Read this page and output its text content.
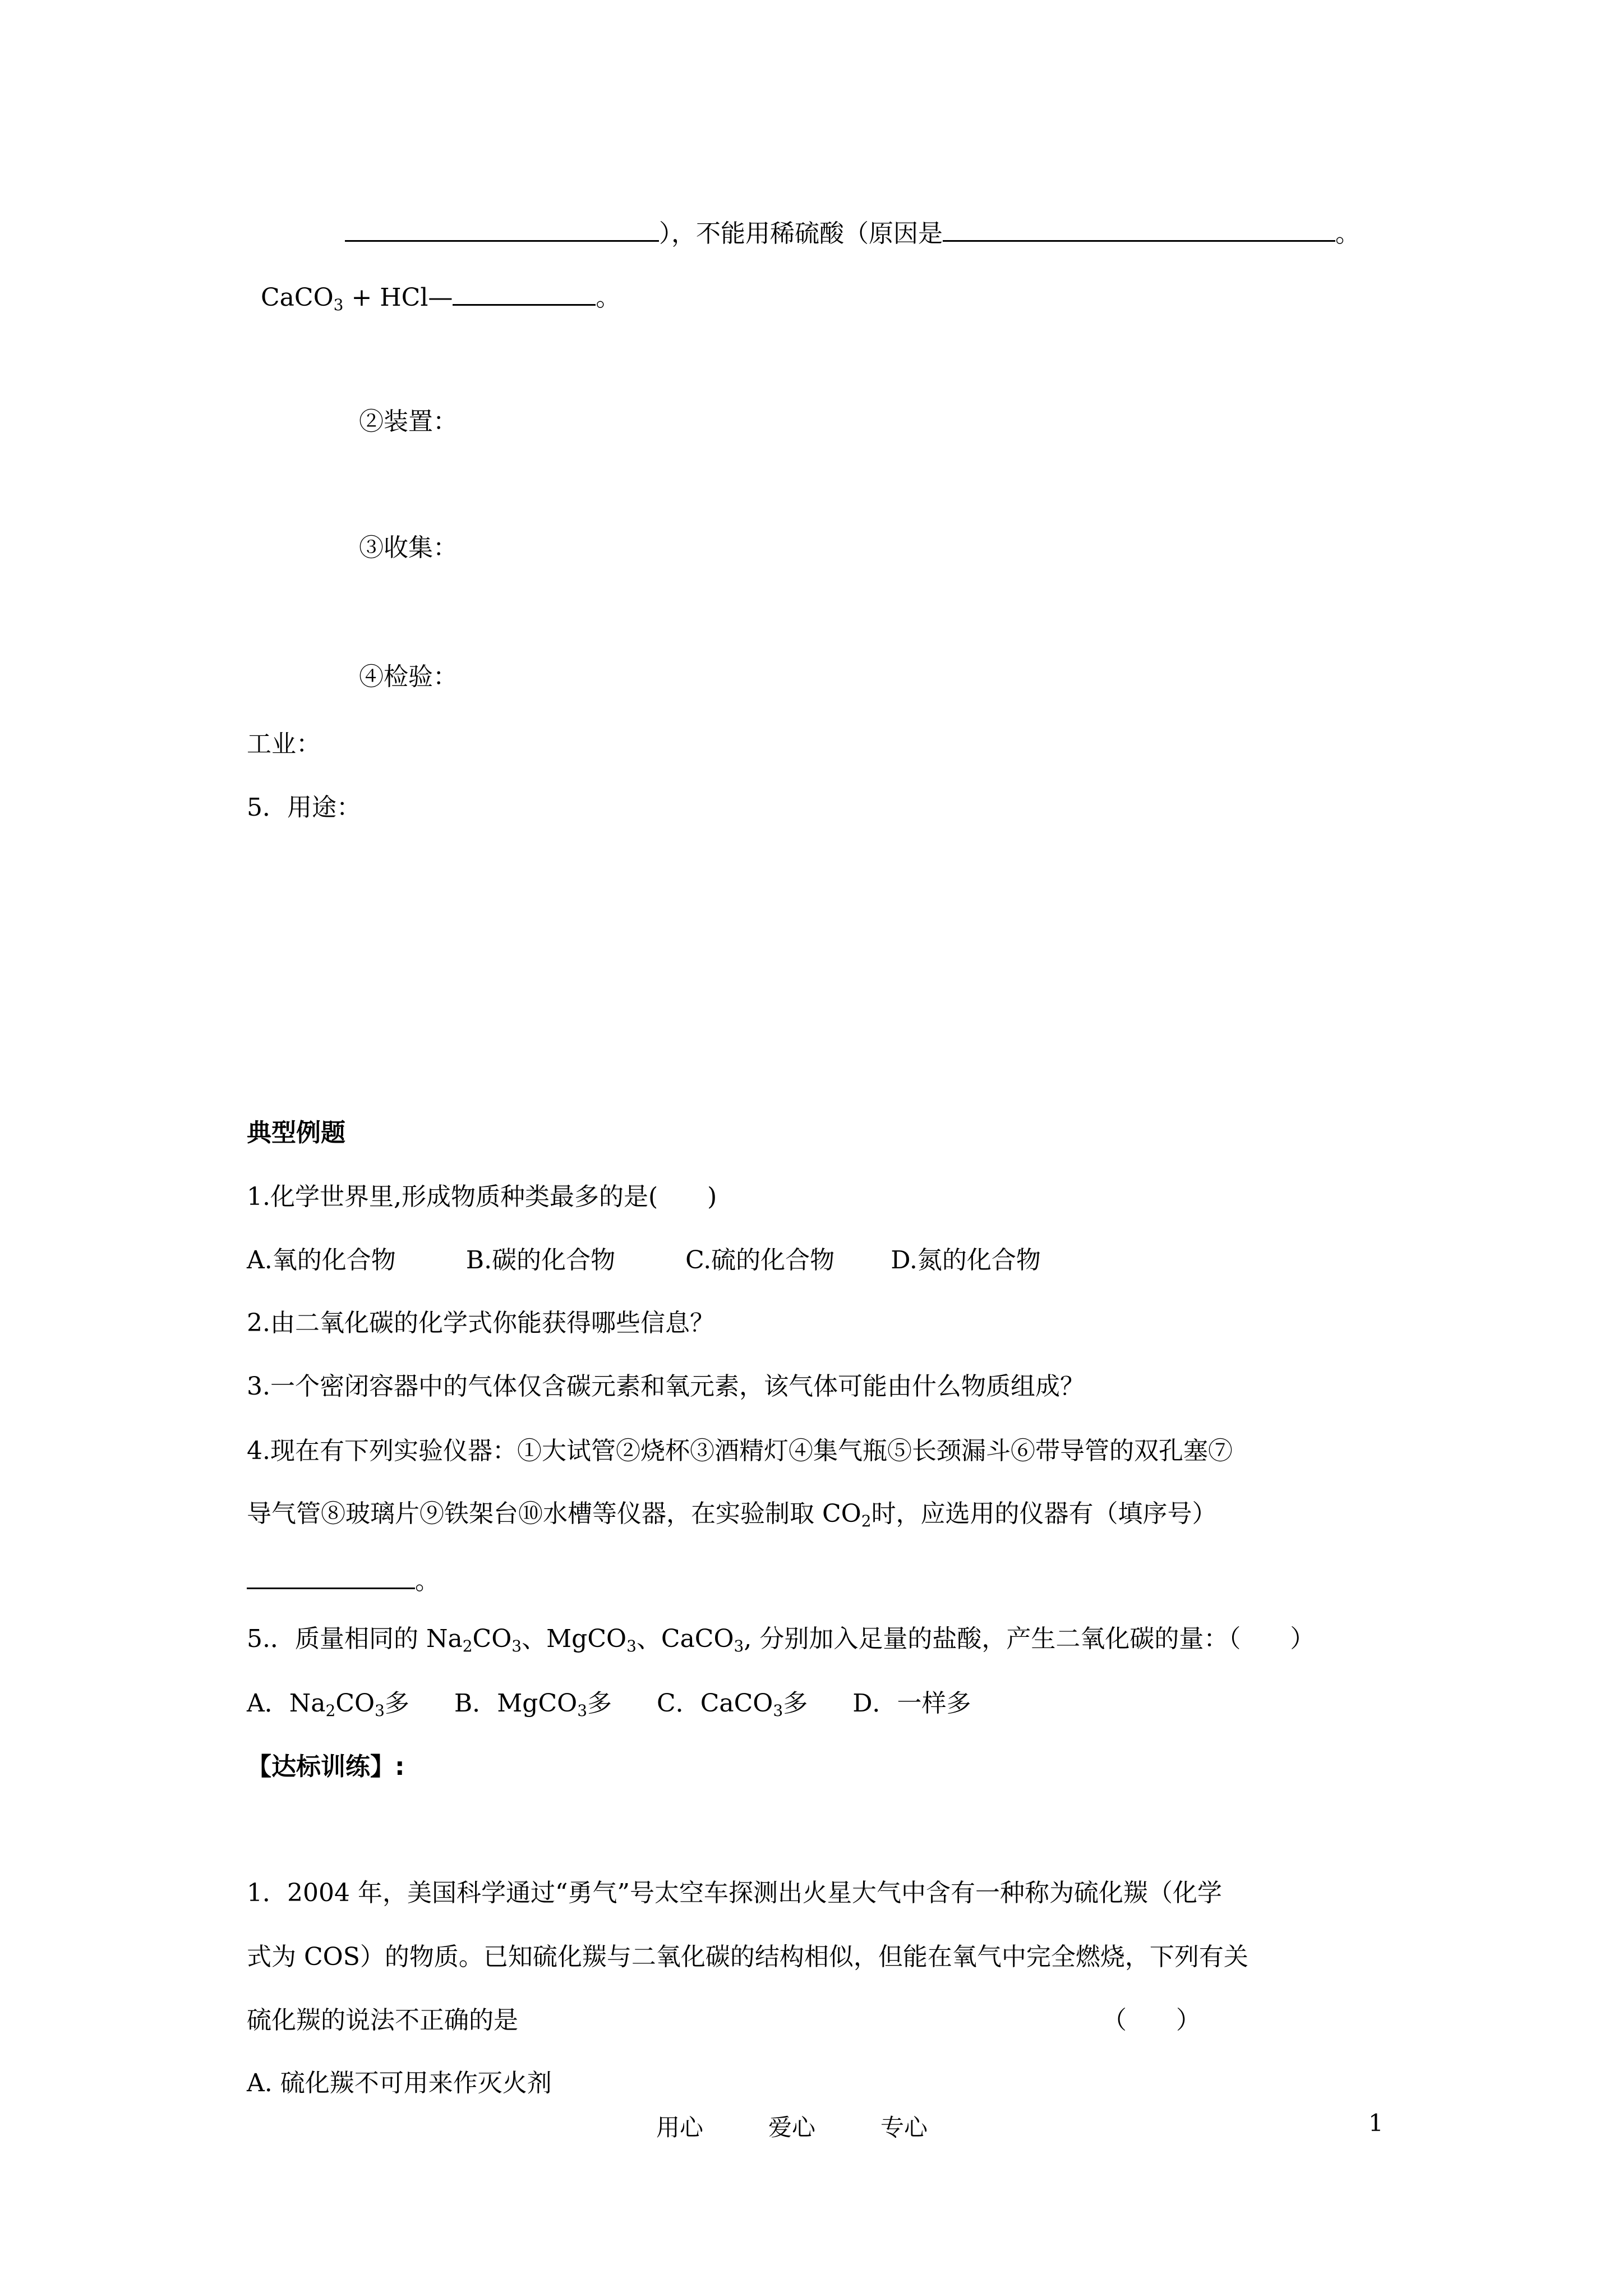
），不能用稀硫酸（原因是	。
CaCO$_3$ + HCl—	。
②装置：
③收集：
④检验：
工业：
5．用途：
典型例题
1.化学世界里,形成物质种类最多的是(　　)
A.氧的化合物	B.碳的化合物	C.硫的化合物 D.氮的化合物
2.由二氧化碳的化学式你能获得哪些信息？
3.一个密闭容器中的气体仅含碳元素和氧元素，该气体可能由什么物质组成？
4.现在有下列实验仪器：①大试管②烧杯③酒精灯④集气瓶⑤长颈漏斗⑥带导管的双孔塞⑦
导气管⑧玻璃片⑨铁架台⑩水槽等仪器，在实验制取 $CO_2$时，应选用的仪器有（填序号）
。
5.．质量相同的 $Na_2CO_3$、MgCO$_3$、CaCO$_3$, 分别加入足量的盐酸，产生二氧化碳的量：（　　）
A．$Na_2CO_3$多 B．MgCO$_3$多 C．CaCO$_3$多 D．一样多
【达标训练】:
1．2004 年，美国科学通过“勇气”号太空车探测出火星大气中含有一种称为硫化羰（化学
式为 COS）的物质。已知硫化羰与二氧化碳的结构相似，但能在氧气中完全燃烧，下列有关
硫化羰的说法不正确的是	（　　）
A. 硫化羰不可用来作灭火剂
用心	爱心	专心	1
